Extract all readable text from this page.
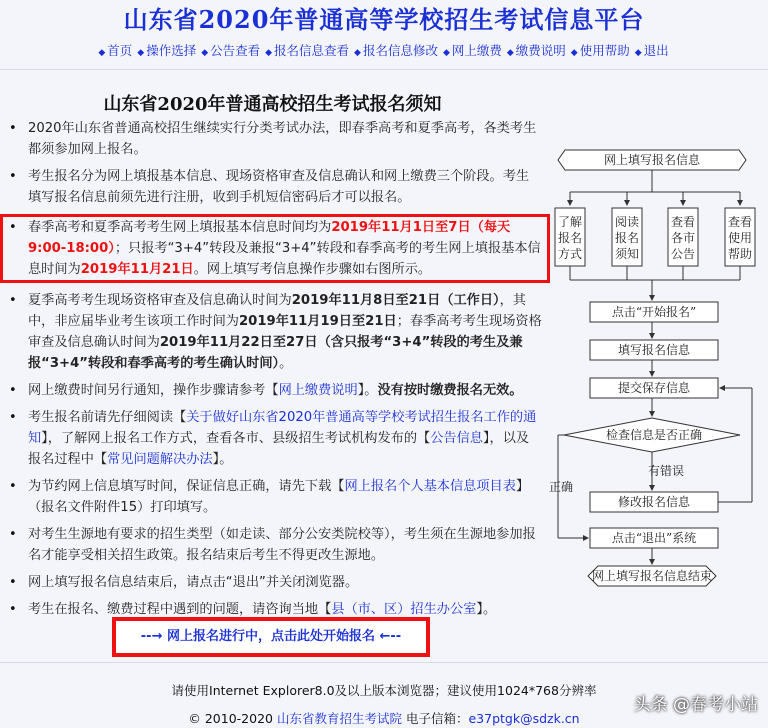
山东省2020年普通高等学校招生考试信息平台
◆ 首页 ◆ 操作选择 ◆ 公告查看 ◆ 报名信息查看 ◆ 报名信息修改 ◆ 网上缴费 ◆ 缴费说明 ◆ 使用帮助 ◆ 退出
山东省2020年普通高校招生考试报名须知
• 2020年山东省普通高校招生继续实行分类考试办法，即春季高考和夏季高考，各类考生都须参加网上报名。
• 考生报名分为网上填报基本信息、现场资格审查及信息确认和网上缴费三个阶段。考生填写报名信息前须先进行注册，收到手机短信密码后才可以报名。
• 春季高考和夏季高考考生网上填报基本信息时间均为2019年11月1日至7日（每天9:00-18:00）；只报考“3+4”转段及兼报“3+4”转段和春季高考的考生网上填报基本信息时间为2019年11月21日。网上填写考信息操作步骤如右图所示。
• 夏季高考考生现场资格审查及信息确认时间为2019年11月8日至21日（工作日），其中，非应届毕业考生该项工作时间为2019年11月19日至21日；春季高考考生现场资格审查及信息确认时间为2019年11月22日至27日（含只报考“3+4”转段的考生及兼报“3+4”转段和春季高考的考生确认时间）。
• 网上缴费时间另行通知，操作步骤请参考【网上缴费说明】。没有按时缴费报名无效。
• 考生报名前请先仔细阅读【关于做好山东省2020年普通高等学校考试招生报名工作的通知】，了解网上报名工作方式，查看各市、县级招生考试机构发布的【公告信息】，以及报名过程中【常见问题解决办法】。
• 为节约网上信息填写时间，保证信息正确，请先下载【网上报名个人基本信息项目表】（报名文件附件15）打印填写。
• 对考生生源地有要求的招生类型（如走读、部分公安类院校等），考生须在生源地参加报名才能享受相关招生政策。报名结束后考生不得更改生源地。
• 网上填写报名信息结束后，请点击“退出”并关闭浏览器。
• 考生在报名、缴费过程中遇到的问题，请咨询当地【县（市、区）招生办公室】。
--→ 网上报名进行中，点击此处开始报名 ←--
网上填写报名信息
了解报名方式
阅读报名须知
查看各市公告
查看使用帮助
点击“开始报名”
填写报名信息
提交保存信息
检查信息是否正确
有错误
正确
修改报名信息
点击“退出”系统
网上填写报名信息结束
请使用Internet Explorer8.0及以上版本浏览器；建议使用1024*768分辨率
© 2010-2020 山东省教育招生考试院 电子信箱：e37ptgk@sdzk.cn
头条 @春考小站
